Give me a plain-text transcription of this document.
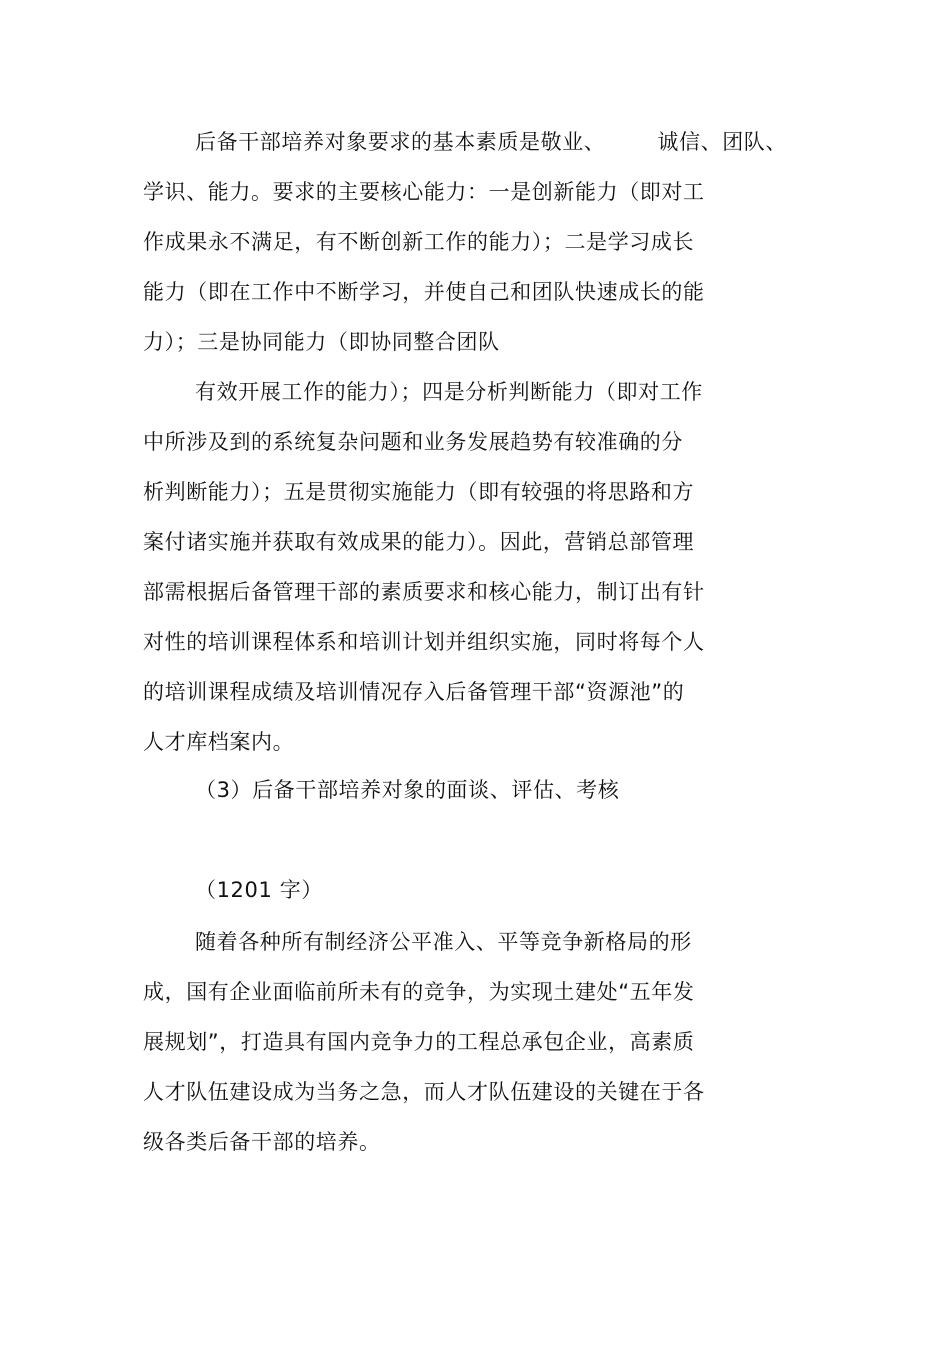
后备干部培养对象要求的基本素质是敬业、 诚信、团队、
学识、能力。要求的主要核心能力：一是创新能力（即对工
作成果永不满足，有不断创新工作的能力）；二是学习成长
能力（即在工作中不断学习，并使自己和团队快速成长的能
力）；三是协同能力（即协同整合团队
有效开展工作的能力）；四是分析判断能力（即对工作
中所涉及到的系统复杂问题和业务发展趋势有较准确的分
析判断能力）；五是贯彻实施能力（即有较强的将思路和方
案付诸实施并获取有效成果的能力）。因此，营销总部管理
部需根据后备管理干部的素质要求和核心能力，制订出有针
对性的培训课程体系和培训计划并组织实施，同时将每个人
的培训课程成绩及培训情况存入后备管理干部“资源池”的
人才库档案内。
（3）后备干部培养对象的面谈、评估、考核
（1201 字）
随着各种所有制经济公平准入、平等竞争新格局的形
成，国有企业面临前所未有的竞争，为实现土建处“五年发
展规划”，打造具有国内竞争力的工程总承包企业，高素质
人才队伍建设成为当务之急，而人才队伍建设的关键在于各
级各类后备干部的培养。
